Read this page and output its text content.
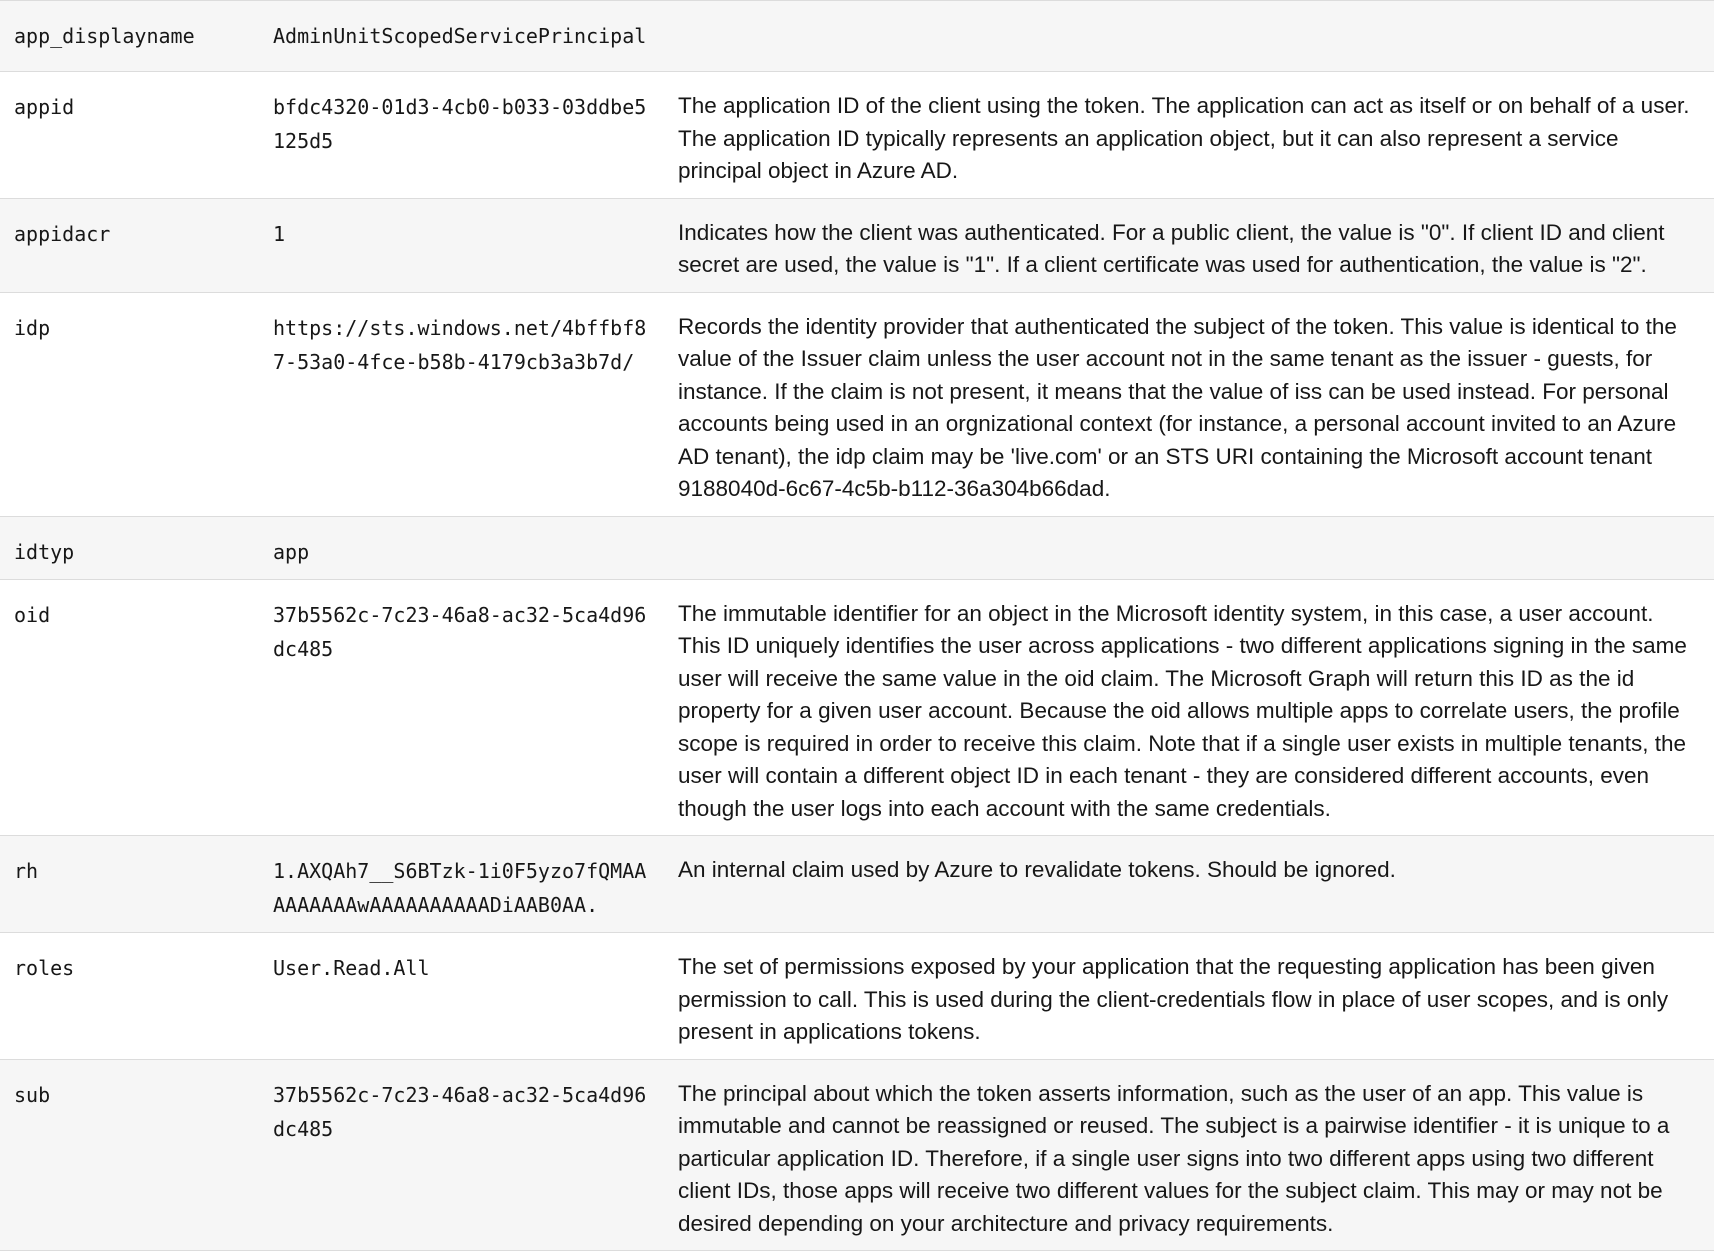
app_displayname	AdminUnitScopedServicePrincipal	
appid	bfdc4320-01d3-4cb0-b033-03ddbe5125d5	The application ID of the client using the token. The application can act as itself or on behalf of a user. The application ID typically represents an application object, but it can also represent a service principal object in Azure AD.
appidacr	1	Indicates how the client was authenticated. For a public client, the value is "0". If client ID and client secret are used, the value is "1". If a client certificate was used for authentication, the value is "2".
idp	https://sts.windows.net/4bffbf87-53a0-4fce-b58b-4179cb3a3b7d/	Records the identity provider that authenticated the subject of the token. This value is identical to the value of the Issuer claim unless the user account not in the same tenant as the issuer - guests, for instance. If the claim is not present, it means that the value of iss can be used instead. For personal accounts being used in an orgnizational context (for instance, a personal account invited to an Azure AD tenant), the idp claim may be 'live.com' or an STS URI containing the Microsoft account tenant 9188040d-6c67-4c5b-b112-36a304b66dad.
idtyp	app	
oid	37b5562c-7c23-46a8-ac32-5ca4d96dc485	The immutable identifier for an object in the Microsoft identity system, in this case, a user account. This ID uniquely identifies the user across applications - two different applications signing in the same user will receive the same value in the oid claim. The Microsoft Graph will return this ID as the id property for a given user account. Because the oid allows multiple apps to correlate users, the profile scope is required in order to receive this claim. Note that if a single user exists in multiple tenants, the user will contain a different object ID in each tenant - they are considered different accounts, even though the user logs into each account with the same credentials.
rh	1.AXQAh7__S6BTzk-1i0F5yzo7fQMAAAAAAAAAwAAAAAAAAAADiAAB0AA.	An internal claim used by Azure to revalidate tokens. Should be ignored.
roles	User.Read.All	The set of permissions exposed by your application that the requesting application has been given permission to call. This is used during the client-credentials flow in place of user scopes, and is only present in applications tokens.
sub	37b5562c-7c23-46a8-ac32-5ca4d96dc485	The principal about which the token asserts information, such as the user of an app. This value is immutable and cannot be reassigned or reused. The subject is a pairwise identifier - it is unique to a particular application ID. Therefore, if a single user signs into two different apps using two different client IDs, those apps will receive two different values for the subject claim. This may or may not be desired depending on your architecture and privacy requirements.
